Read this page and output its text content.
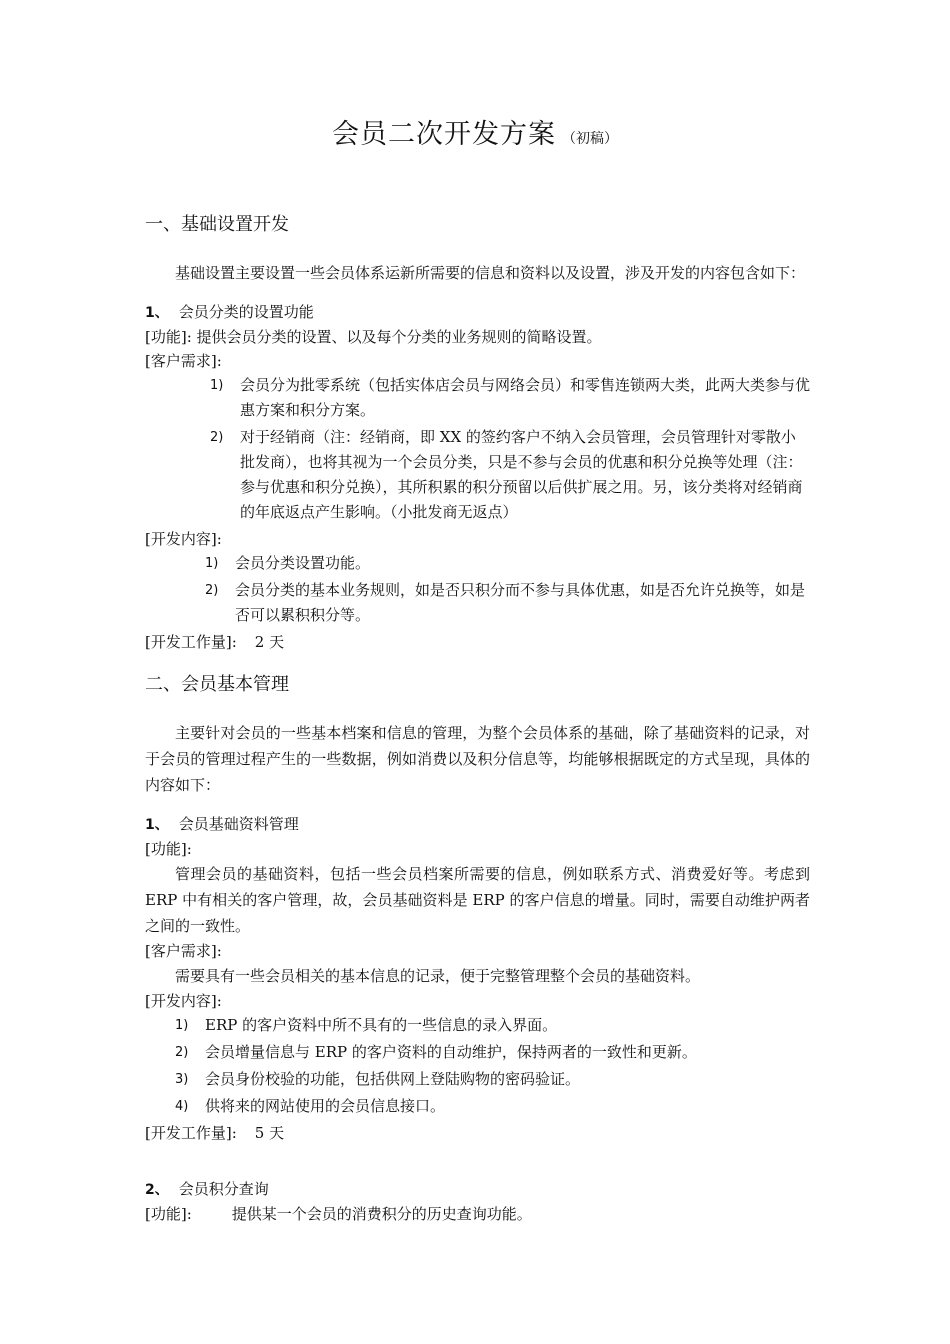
会员二次开发方案 （初稿）
一、基础设置开发

基础设置主要设置一些会员体系运新所需要的信息和资料以及设置，涉及开发的内容包含如下：

1、 会员分类的设置功能

[功能]: 提供会员分类的设置、以及每个分类的业务规则的简略设置。

[客户需求]:

1) 会员分为批零系统（包括实体店会员与网络会员）和零售连锁两大类，此两大类参与优惠方案和积分方案。
2) 对于经销商（注：经销商，即 XX 的签约客户不纳入会员管理，会员管理针对零散小批发商），也将其视为一个会员分类，只是不参与会员的优惠和积分兑换等处理（注：参与优惠和积分兑换），其所积累的积分预留以后供扩展之用。另，该分类将对经销商的年底返点产生影响。（小批发商无返点）

[开发内容]:

1) 会员分类设置功能。
2) 会员分类的基本业务规则，如是否只积分而不参与具体优惠，如是否允许兑换等，如是否可以累积积分等。

[开发工作量]: 2 天

二、会员基本管理

主要针对会员的一些基本档案和信息的管理，为整个会员体系的基础，除了基础资料的记录，对于会员的管理过程产生的一些数据，例如消费以及积分信息等，均能够根据既定的方式呈现，具体的内容如下：

1、 会员基础资料管理

[功能]:

管理会员的基础资料，包括一些会员档案所需要的信息，例如联系方式、消费爱好等。考虑到 ERP 中有相关的客户管理，故，会员基础资料是 ERP 的客户信息的增量。同时，需要自动维护两者之间的一致性。

[客户需求]:

需要具有一些会员相关的基本信息的记录，便于完整管理整个会员的基础资料。

[开发内容]:

1) ERP 的客户资料中所不具有的一些信息的录入界面。
2) 会员增量信息与 ERP 的客户资料的自动维护，保持两者的一致性和更新。
3) 会员身份校验的功能，包括供网上登陆购物的密码验证。
4) 供将来的网站使用的会员信息接口。

[开发工作量]: 5 天

2、 会员积分查询

[功能]:	提供某一个会员的消费积分的历史查询功能。
